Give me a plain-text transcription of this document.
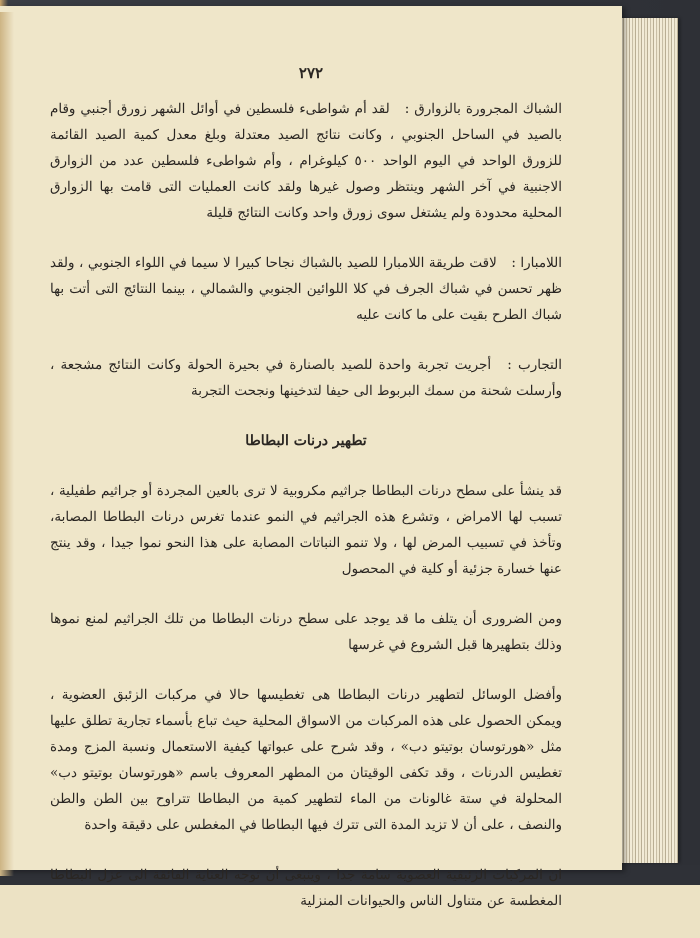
٢٧٢

الشباك المجرورة بالزوارق : لقد أم شواطىء فلسطين في أوائل الشهر زورق أجنبي وقام بالصيد في الساحل الجنوبي ، وكانت نتائج الصيد معتدلة وبلغ معدل كمية الصيد القائمة للزورق الواحد في اليوم الواحد ٥٠٠ كيلوغرام ، وأم شواطىء فلسطين عدد من الزوارق الاجنبية في آخر الشهر وينتظر وصول غيرها ولقد كانت العمليات التى قامت بها الزوارق المحلية محدودة ولم يشتغل سوى زورق واحد وكانت النتائج قليلة

اللامبارا : لاقت طريقة اللامبارا للصيد بالشباك نجاحا كبيرا لا سيما في اللواء الجنوبي ، ولقد ظهر تحسن في شباك الجرف في كلا اللوائين الجنوبي والشمالي ، بينما النتائج التى أتت بها شباك الطرح بقيت على ما كانت عليه

التجارب : أجريت تجربة واحدة للصيد بالصنارة في بحيرة الحولة وكانت النتائج مشجعة ، وأرسلت شحنة من سمك البربوط الى حيفا لتدخينها ونجحت التجربة

تطهير درنات البطاطا

قد ينشأ على سطح درنات البطاطا جراثيم مكروبية لا ترى بالعين المجردة أو جراثيم طفيلية ، تسبب لها الامراض ، وتشرع هذه الجراثيم في النمو عندما تغرس درنات البطاطا المصابة، وتأخذ في تسبيب المرض لها ، ولا تنمو النباتات المصابة على هذا النحو نموا جيدا ، وقد ينتج عنها خسارة جزئية أو كلية في المحصول

ومن الضرورى أن يتلف ما قد يوجد على سطح درنات البطاطا من تلك الجراثيم لمنع نموها وذلك بتطهيرها قبل الشروع في غرسها

وأفضل الوسائل لتطهير درنات البطاطا هى تغطيسها حالا في مركبات الزئبق العضوية ، ويمكن الحصول على هذه المركبات من الاسواق المحلية حيث تباع بأسماء تجارية تطلق عليها مثل «هورتوسان بوتيتو دب» ، وقد شرح على عبواتها كيفية الاستعمال ونسبة المزج ومدة تغطيس الدرنات ، وقد تكفى الوقيتان من المطهر المعروف باسم «هورتوسان بوتيتو دب» المحلولة في ستة غالونات من الماء لتطهير كمية من البطاطا تتراوح بين الطن والطن والنصف ، على أن لا تزيد المدة التى تترك فيها البطاطا في المغطس على دقيقة واحدة

ان المركبات الزئبقية العضوية سامة جدا ، وينبغى أن توجه العناية الفائقة الى عزل البطاطا المغطسة عن متناول الناس والحيوانات المنزلية
